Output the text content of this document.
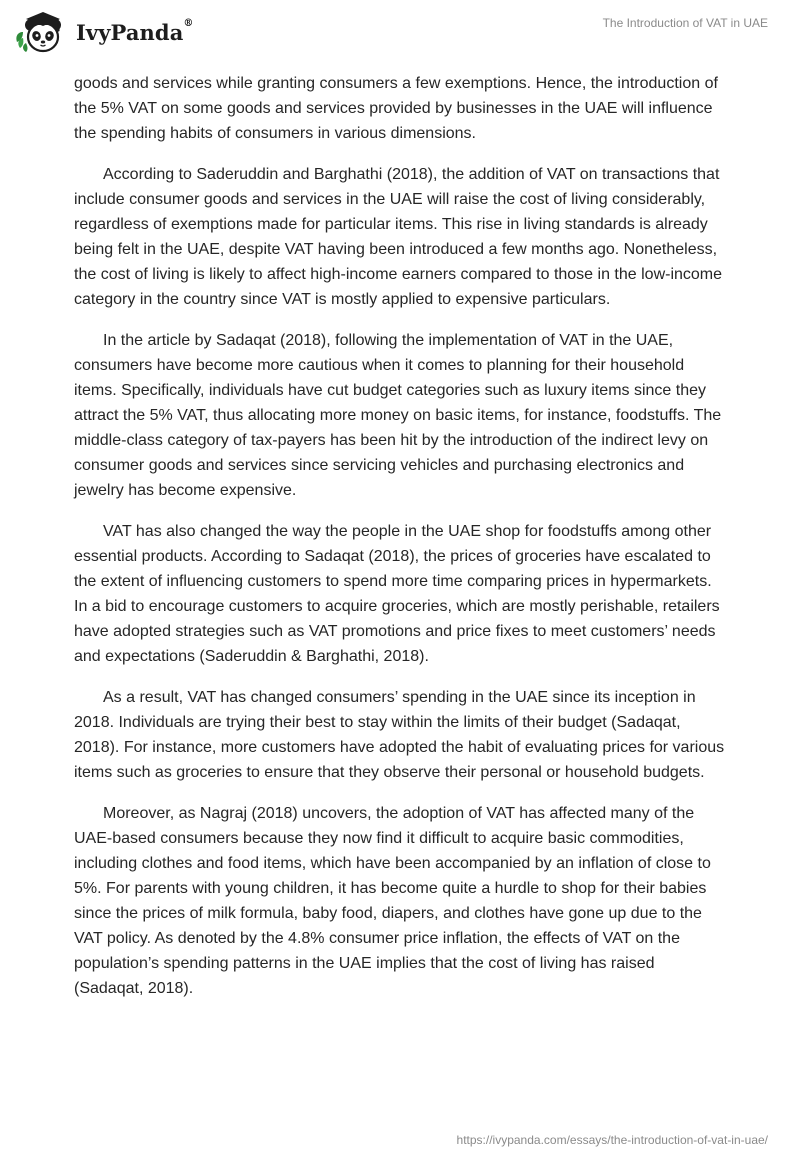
IvyPanda®	The Introduction of VAT in UAE

goods and services while granting consumers a few exemptions. Hence, the introduction of the 5% VAT on some goods and services provided by businesses in the UAE will influence the spending habits of consumers in various dimensions.

According to Saderuddin and Barghathi (2018), the addition of VAT on transactions that include consumer goods and services in the UAE will raise the cost of living considerably, regardless of exemptions made for particular items. This rise in living standards is already being felt in the UAE, despite VAT having been introduced a few months ago. Nonetheless, the cost of living is likely to affect high-income earners compared to those in the low-income category in the country since VAT is mostly applied to expensive particulars.

In the article by Sadaqat (2018), following the implementation of VAT in the UAE, consumers have become more cautious when it comes to planning for their household items. Specifically, individuals have cut budget categories such as luxury items since they attract the 5% VAT, thus allocating more money on basic items, for instance, foodstuffs. The middle-class category of tax-payers has been hit by the introduction of the indirect levy on consumer goods and services since servicing vehicles and purchasing electronics and jewelry has become expensive.

VAT has also changed the way the people in the UAE shop for foodstuffs among other essential products. According to Sadaqat (2018), the prices of groceries have escalated to the extent of influencing customers to spend more time comparing prices in hypermarkets. In a bid to encourage customers to acquire groceries, which are mostly perishable, retailers have adopted strategies such as VAT promotions and price fixes to meet customers’ needs and expectations (Saderuddin & Barghathi, 2018).

As a result, VAT has changed consumers’ spending in the UAE since its inception in 2018. Individuals are trying their best to stay within the limits of their budget (Sadaqat, 2018). For instance, more customers have adopted the habit of evaluating prices for various items such as groceries to ensure that they observe their personal or household budgets.

Moreover, as Nagraj (2018) uncovers, the adoption of VAT has affected many of the UAE-based consumers because they now find it difficult to acquire basic commodities, including clothes and food items, which have been accompanied by an inflation of close to 5%. For parents with young children, it has become quite a hurdle to shop for their babies since the prices of milk formula, baby food, diapers, and clothes have gone up due to the VAT policy. As denoted by the 4.8% consumer price inflation, the effects of VAT on the population’s spending patterns in the UAE implies that the cost of living has raised (Sadaqat, 2018).

https://ivypanda.com/essays/the-introduction-of-vat-in-uae/
